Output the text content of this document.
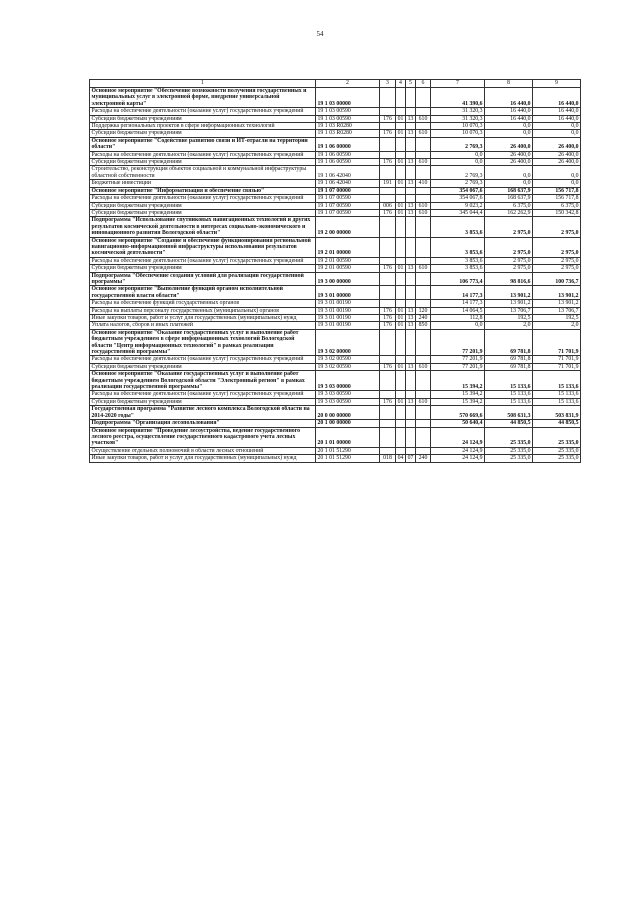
54
1	2	3	4	5	6	7	8	9
Основное мероприятие "Обеспечение возможности получения государственных и муниципальных услуг в электронной форме, внедрение универсальной электронной карты"	19 1 03 00000					41 390,6	16 440,0	16 440,0
Расходы на обеспечение деятельности (оказание услуг) государственных учреждений	19 1 03 00590					31 320,3	16 440,0	16 440,0
Субсидии бюджетным учреждениям	19 1 03 00590	176	01	13	610	31 320,3	16 440,0	16 440,0
Поддержка региональных проектов в сфере информационных технологий	19 1 03 R0280					10 070,3	0,0	0,0
Субсидии бюджетным учреждениям	19 1 03 R0280	176	01	13	610	10 070,3	0,0	0,0
Основное мероприятие "Содействие развитию связи и ИТ-отрасли на территории области"	19 1 06 00000					2 769,3	26 400,0	26 400,0
Расходы на обеспечение деятельности (оказание услуг) государственных учреждений	19 1 06 00590					0,0	26 400,0	26 400,0
Субсидии бюджетным учреждениям	19 1 06 00590	176	01	13	610	0,0	26 400,0	26 400,0
Строительство, реконструкция объектов социальной и коммунальной инфраструктуры областной собственности	19 1 06 42040					2 769,3	0,0	0,0
Бюджетные инвестиции	19 1 06 42040	191	01	13	410	2 769,3	0,0	0,0
Основное мероприятие "Информатизация и обеспечение связью"	19 1 07 00000					354 067,6	168 637,9	156 717,8
Расходы на обеспечение деятельности (оказание услуг) государственных учреждений	19 1 07 00590					354 067,6	168 637,9	156 717,8
Субсидии бюджетным учреждениям	19 1 07 00590	006	01	13	610	9 023,2	6 375,0	6 375,0
Субсидии бюджетным учреждениям	19 1 07 00590	176	01	13	610	345 044,4	162 262,9	150 342,8
Подпрограмма "Использование спутниковых навигационных технологий и других результатов космической деятельности в интересах социально-экономического и инновационного развития Вологодской области"	19 2 00 00000					3 853,6	2 975,0	2 975,0
Основное мероприятие "Создание и обеспечение функционирования региональной навигационно-информационной инфраструктуры использования результатов космической деятельности"	19 2 01 00000					3 853,6	2 975,0	2 975,0
Расходы на обеспечение деятельности (оказание услуг) государственных учреждений	19 2 01 00590					3 853,6	2 975,0	2 975,0
Субсидии бюджетным учреждениям	19 2 01 00590	176	01	13	610	3 853,6	2 975,0	2 975,0
Подпрограмма "Обеспечение создания условий для реализации государственной программы"	19 3 00 00000					106 773,4	98 816,6	100 736,7
Основное мероприятие "Выполнение функций органом исполнительной государственной власти области"	19 3 01 00000					14 177,3	13 901,2	13 901,2
Расходы на обеспечение функций государственных органов	19 3 01 00190					14 177,3	13 901,2	13 901,2
Расходы на выплаты персоналу государственных (муниципальных) органов	19 3 01 00190	176	01	13	120	14 064,5	13 706,7	13 706,7
Иные закупки товаров, работ и услуг для государственных (муниципальных) нужд	19 3 01 00190	176	01	13	240	112,8	192,5	192,5
Уплата налогов, сборов и иных платежей	19 3 01 00190	176	01	13	850	0,0	2,0	2,0
Основное мероприятие "Оказание государственных услуг и выполнение работ бюджетным учреждением в сфере информационных технологий Вологодской области "Центр информационных технологий" в рамках реализации государственной программы"	19 3 02 00000					77 201,9	69 781,8	71 701,9
Расходы на обеспечение деятельности (оказание услуг) государственных учреждений	19 3 02 00590					77 201,9	69 781,8	71 701,9
Субсидии бюджетным учреждениям	19 3 02 00590	176	01	13	610	77 201,9	69 781,8	71 701,9
Основное мероприятие "Оказание государственных услуг и выполнение работ бюджетным учреждением Вологодской области "Электронный регион" в рамках реализации государственной программы"	19 3 03 00000					15 394,2	15 133,6	15 133,6
Расходы на обеспечение деятельности (оказание услуг) государственных учреждений	19 3 03 00590					15 394,2	15 133,6	15 133,6
Субсидии бюджетным учреждениям	19 3 03 00590	176	01	13	610	15 394,2	15 133,6	15 133,6
Государственная программа "Развитие лесного комплекса Вологодской области на 2014-2020 годы"	20 0 00 00000					570 669,6	508 631,3	503 831,9
Подпрограмма "Организация лесопользования"	20 1 00 00000					50 640,4	44 850,5	44 850,5
Основное мероприятие "Проведение лесоустройства, ведение государственного лесного реестра, осуществление государственного кадастрового учета лесных участков"	20 1 01 00000					24 124,9	25 335,0	25 335,0
Осуществление отдельных полномочий в области лесных отношений	20 1 01 51290					24 124,9	25 335,0	25 335,0
Иные закупки товаров, работ и услуг для государственных (муниципальных) нужд	20 1 01 51290	018	04	07	240	24 124,9	25 335,0	25 335,0
